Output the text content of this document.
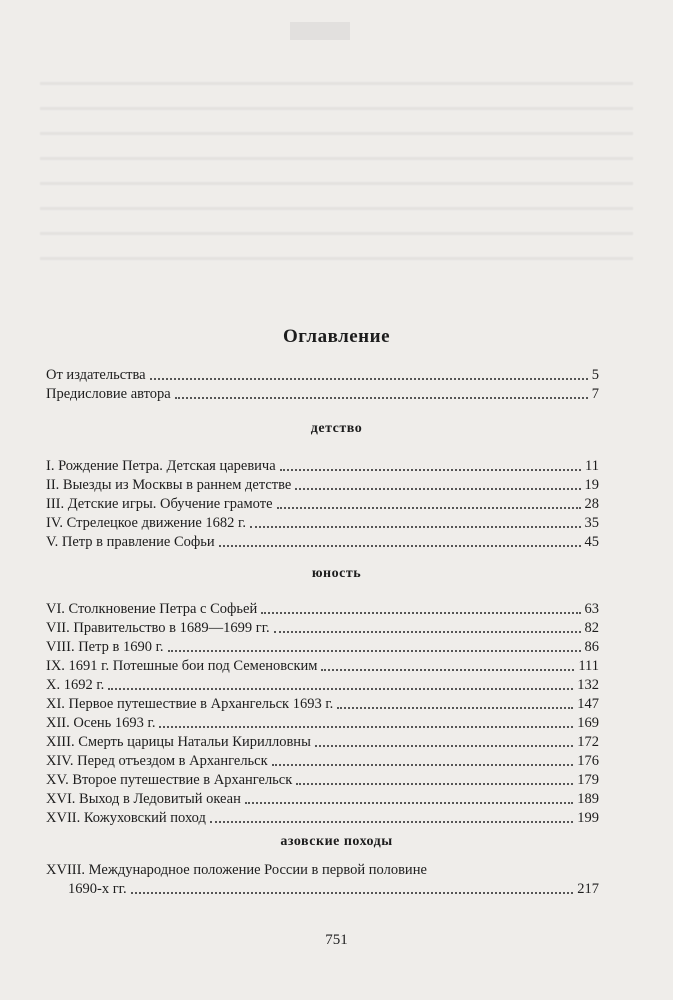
Оглавление
От издательства	5
Предисловие автора	7
детство
I. Рождение Петра. Детская царевича	11
II. Выезды из Москвы в раннем детстве	19
III. Детские игры. Обучение грамоте	28
IV. Стрелецкое движение 1682 г.	35
V. Петр в правление Софьи	45
юность
VI. Столкновение Петра с Софьей	63
VII. Правительство в 1689—1699 гг.	82
VIII. Петр в 1690 г.	86
IX. 1691 г. Потешные бои под Семеновским	111
X. 1692 г.	132
XI. Первое путешествие в Архангельск 1693 г.	147
XII. Осень 1693 г.	169
XIII. Смерть царицы Натальи Кирилловны	172
XIV. Перед отъездом в Архангельск	176
XV. Второе путешествие в Архангельск	179
XVI. Выход в Ледовитый океан	189
XVII. Кожуховский поход	199
азовские походы
XVIII. Международное положение России в первой половине
1690-х гг.	217
751
